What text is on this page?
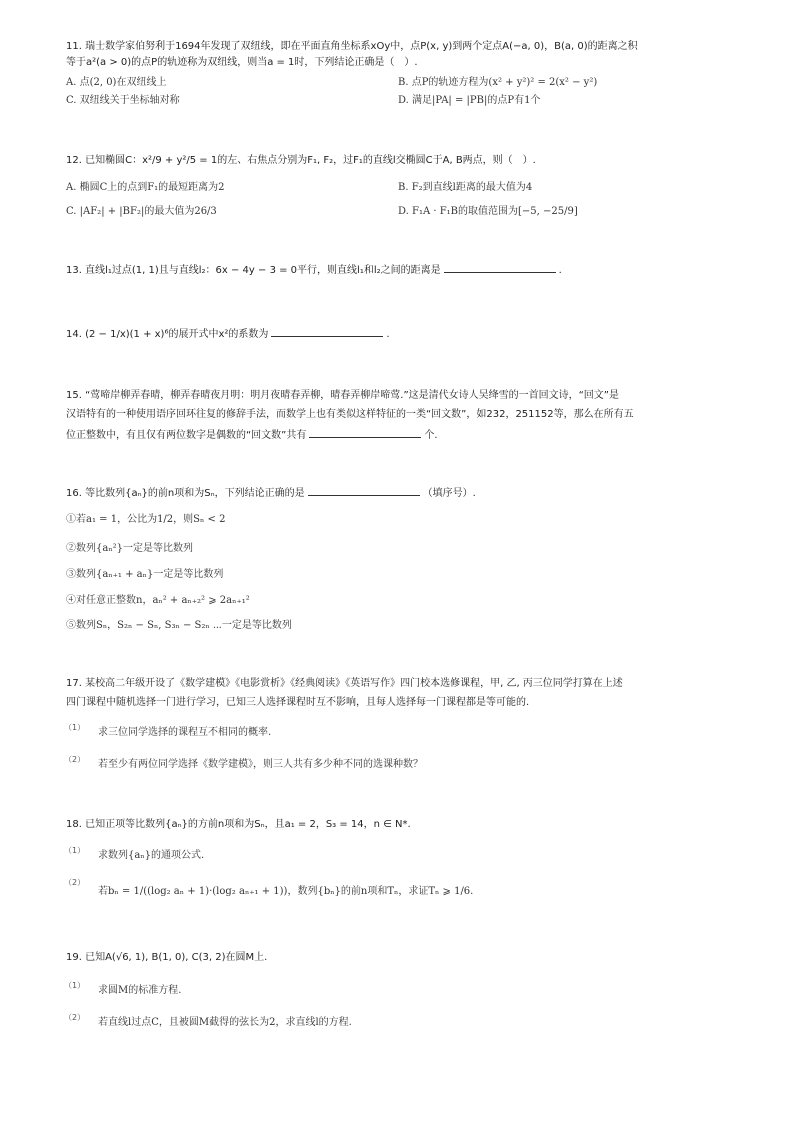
11. 瑞士数学家伯努利于1694年发现了双纽线，即在平面直角坐标系xOy中，点P(x, y)到两个定点A(−a, 0)，B(a, 0)的距离之积
等于a²(a > 0)的点P的轨迹称为双纽线，则当a = 1时，下列结论正确是（　）.
A. 点(2, 0)在双纽线上	B. 点P的轨迹方程为(x² + y²)² = 2(x² − y²)
C. 双纽线关于坐标轴对称	D. 满足|PA| = |PB|的点P有1个
12. 已知椭圆C：x²/9 + y²/5 = 1的左、右焦点分别为F₁, F₂，过F₁的直线l交椭圆C于A, B两点，则（　）.
A. 椭圆C上的点到F₁的最短距离为2	B. F₂到直线l距离的最大值为4
C. |AF₂| + |BF₂|的最大值为26/3	D. F₁A · F₁B的取值范围为[−5, −25/9]
13. 直线l₁过点(1, 1)且与直线l₂：6x − 4y − 3 = 0平行，则直线l₁和l₂之间的距离是	.
14. (2 − 1/x)(1 + x)⁶的展开式中x²的系数为	.
15. “莺啼岸柳弄春晴，柳弄春晴夜月明：明月夜晴春弄柳，晴春弄柳岸啼莺.”这是清代女诗人吴绛雪的一首回文诗，“回文”是
汉语特有的一种使用语序回环往复的修辞手法，而数学上也有类似这样特征的一类“回文数”，如232，251152等，那么在所有五
位正整数中，有且仅有两位数字是偶数的“回文数”共有	个.
16. 等比数列{aₙ}的前n项和为Sₙ，下列结论正确的是	（填序号）.
①若a₁ = 1，公比为1/2，则Sₙ < 2
②数列{aₙ²}一定是等比数列
③数列{aₙ₊₁ + aₙ}一定是等比数列
④对任意正整数n，aₙ² + aₙ₊₂² ⩾ 2aₙ₊₁²
⑤数列Sₙ，S₂ₙ − Sₙ, S₃ₙ − S₂ₙ ⋯一定是等比数列
17. 某校高二年级开设了《数学建模》《电影赏析》《经典阅读》《英语写作》四门校本选修课程，甲, 乙, 丙三位同学打算在上述
四门课程中随机选择一门进行学习，已知三人选择课程时互不影响，且每人选择每一门课程都是等可能的.
（1） 求三位同学选择的课程互不相同的概率.
（2） 若至少有两位同学选择《数学建模》，则三人共有多少种不同的选课种数？
18. 已知正项等比数列{aₙ}的方前n项和为Sₙ，且a₁ = 2，S₃ = 14，n ∈ N*.
（1） 求数列{aₙ}的通项公式.
（2）
若bₙ = 1/((log₂ aₙ + 1)·(log₂ aₙ₊₁ + 1))，数列{bₙ}的前n项和Tₙ，求证Tₙ ⩾ 1/6.
19. 已知A(√6, 1), B(1, 0), C(3, 2)在圆M上.
（1） 求圆M的标准方程.
（2） 若直线l过点C，且被圆M截得的弦长为2，求直线l的方程.
